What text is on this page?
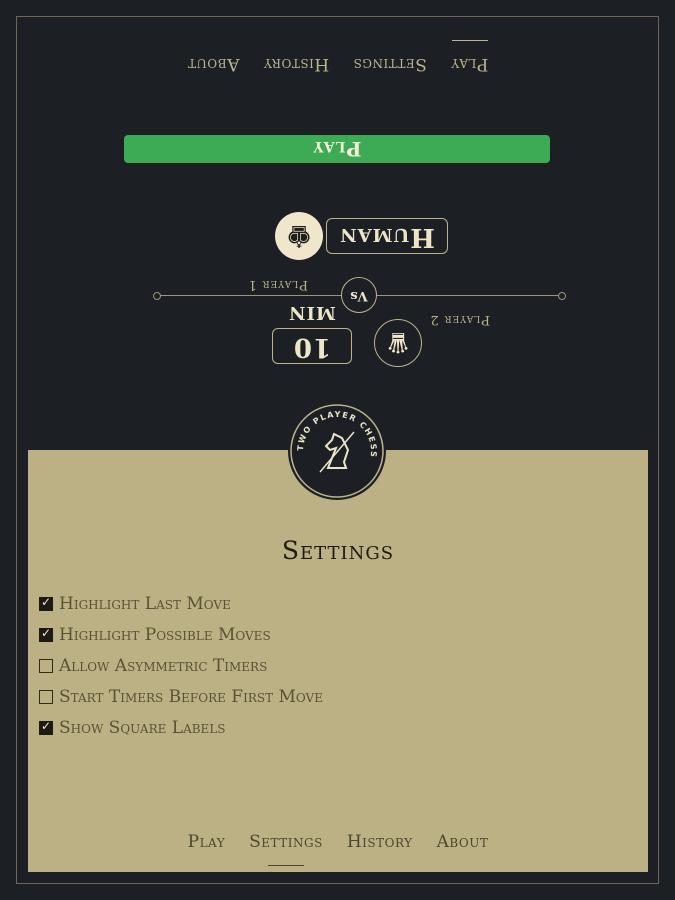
Play
Settings
History
About
Play
Human
♚
Vs
Player 1
Player 2
10 min
♛
Settings
✓
Highlight Last Move
✓
Highlight Possible Moves
Allow Asymmetric Timers
Start Timers Before First Move
✓
Show Square Labels
Play Settings History About
TWO PLAYER CHESS
